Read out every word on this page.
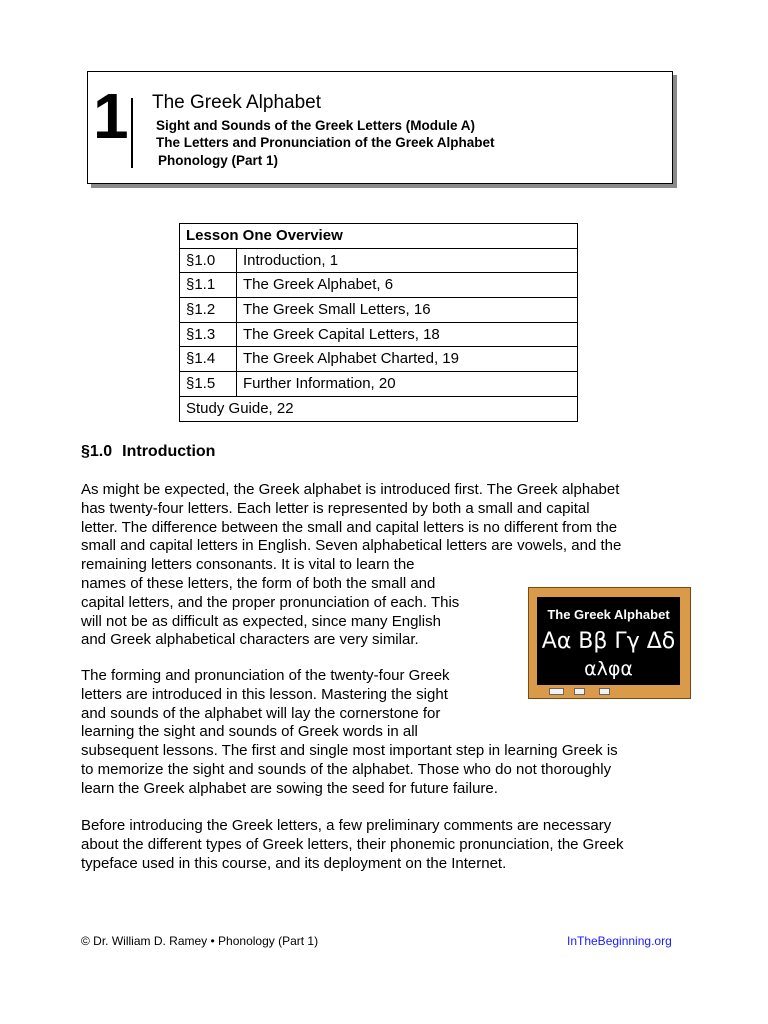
1 The Greek Alphabet
Sight and Sounds of the Greek Letters (Module A)
The Letters and Pronunciation of the Greek Alphabet
Phonology (Part 1)
Lesson One Overview	
§1.0	Introduction, 1
§1.1	The Greek Alphabet, 6
§1.2	The Greek Small Letters, 16
§1.3	The Greek Capital Letters, 18
§1.4	The Greek Alphabet Charted, 19
§1.5	Further Information, 20
Study Guide, 22	
§1.0 Introduction

As might be expected, the Greek alphabet is introduced first. The Greek alphabet
has twenty-four letters. Each letter is represented by both a small and capital
letter. The difference between the small and capital letters is no different from the
small and capital letters in English. Seven alphabetical letters are vowels, and the
remaining letters consonants. It is vital to learn the
names of these letters, the form of both the small and
capital letters, and the proper pronunciation of each. This
will not be as difficult as expected, since many English
and Greek alphabetical characters are very similar.

The forming and pronunciation of the twenty-four Greek
letters are introduced in this lesson. Mastering the sight
and sounds of the alphabet will lay the cornerstone for
learning the sight and sounds of Greek words in all
subsequent lessons. The first and single most important step in learning Greek is
to memorize the sight and sounds of the alphabet. Those who do not thoroughly
learn the Greek alphabet are sowing the seed for future failure.

Before introducing the Greek letters, a few preliminary comments are necessary
about the different types of Greek letters, their phonemic pronunciation, the Greek
typeface used in this course, and its deployment on the Internet.

The Greek Alphabet
Αα Ββ Γγ Δδ
αλφα
© Dr. William D. Ramey • Phonology (Part 1)	InTheBeginning.org
